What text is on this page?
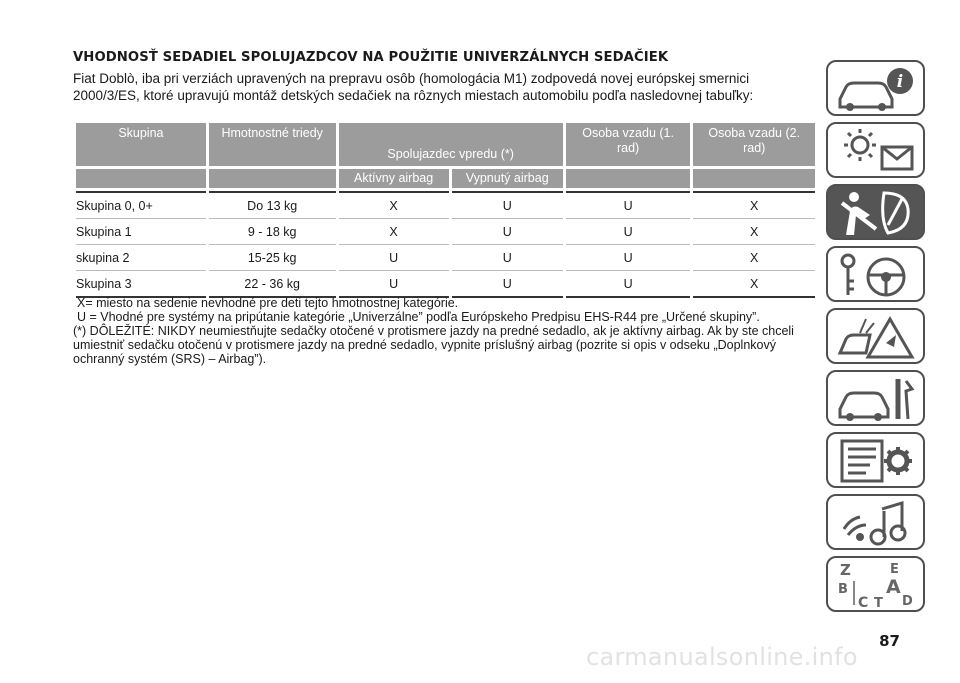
VHODNOSŤ SEDADIEL SPOLUJAZDCOV NA POUŽITIE UNIVERZÁLNYCH SEDAČIEK
Fiat Doblò, iba pri verziách upravených na prepravu osôb (homologácia M1) zodpovedá novej európskej smernici 2000/3/ES, ktoré upravujú montáž detských sedačiek na rôznych miestach automobilu podľa nasledovnej tabuľky:
Skupina	Hmotnostné triedy	Spolujazdec vpredu (*)		Osoba vzadu (1. rad)	Osoba vzadu (2. rad)
		Aktívny airbag	Vypnutý airbag		
Skupina 0, 0+	Do 13 kg	X	U	U	X
Skupina 1	9 - 18 kg	X	U	U	X
skupina 2	15-25 kg	U	U	U	X
Skupina 3	22 - 36 kg	U	U	U	X

X= miesto na sedenie nevhodné pre deti tejto hmotnostnej kategórie.

U = Vhodné pre systémy na pripútanie kategórie „Univerzálne” podľa Európskeho Predpisu EHS-R44 pre „Určené skupiny”.

(*) DÔLEŽITÉ: NIKDY neumiestňujte sedačky otočené v protismere jazdy na predné sedadlo, ak je aktívny airbag. Ak by ste chceli umiestniť sedačku otočenú v protismere jazdy na predné sedadlo, vypnite príslušný airbag (pozrite si opis v odseku „Doplnkový ochranný systém (SRS) – Airbag”).

i
Z	E
B A
C	D
T
87
carmanualsonline.info
